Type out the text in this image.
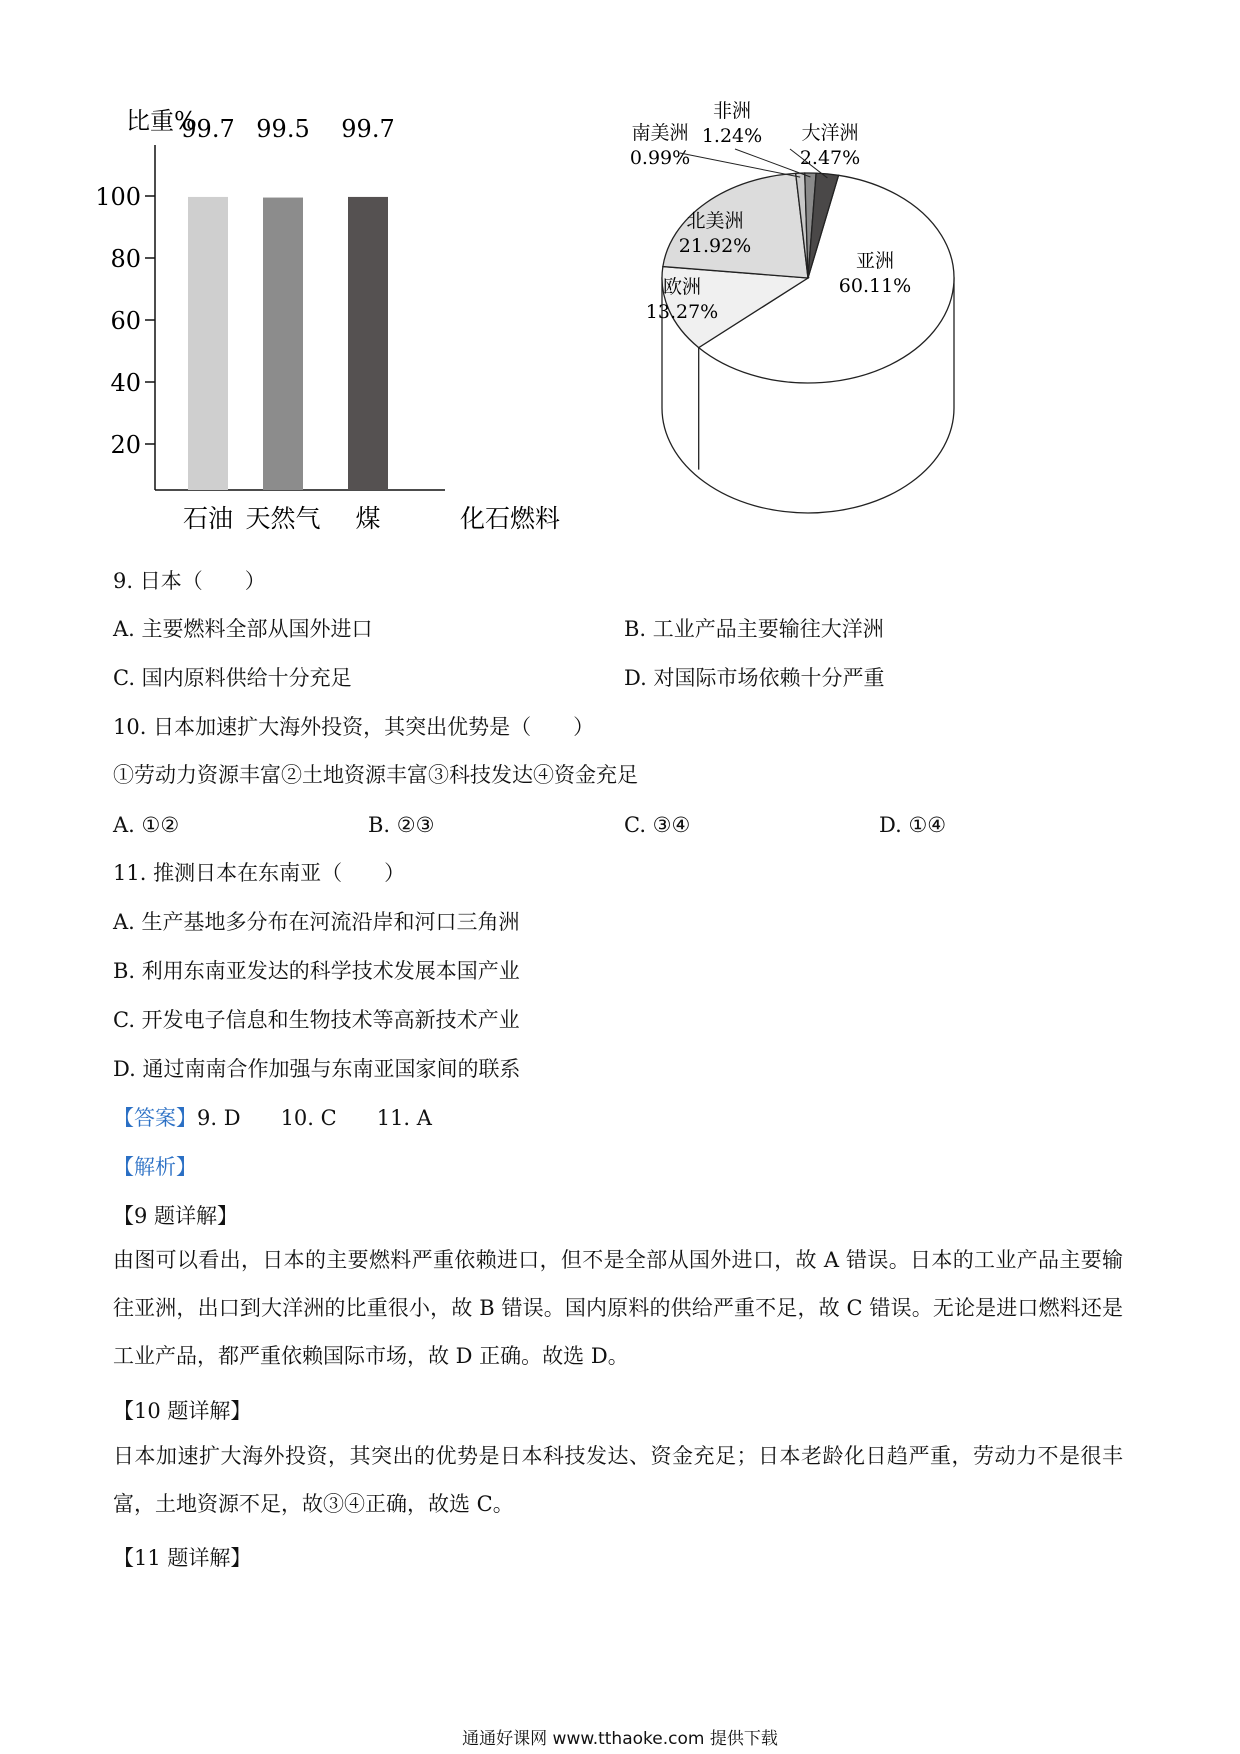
比重%
20
40
60
80
100
99.7 99.5 99.7
石油 天然气 煤	化石燃料
亚洲
60.11%
欧洲
13.27%
北美洲
21.92%
南美洲
0.99%
非洲
1.24% 大洋洲
2.47%
9. 日本（　　）
A. 主要燃料全部从国外进口	B. 工业产品主要输往大洋洲
C. 国内原料供给十分充足	D. 对国际市场依赖十分严重
10. 日本加速扩大海外投资，其突出优势是（　　）
①劳动力资源丰富②土地资源丰富③科技发达④资金充足
A. ①②	B. ②③	C. ③④	D. ①④
11. 推测日本在东南亚（　　）
A. 生产基地多分布在河流沿岸和河口三角洲
B. 利用东南亚发达的科学技术发展本国产业
C. 开发电子信息和生物技术等高新技术产业
D. 通过南南合作加强与东南亚国家间的联系
【答案】9. D 10. C 11. A
【解析】
【9 题详解】
由图可以看出，日本的主要燃料严重依赖进口，但不是全部从国外进口，故 A 错误。日本的工业产品主要输往亚洲，出口到大洋洲的比重很小，故 B 错误。国内原料的供给严重不足，故 C 错误。无论是进口燃料还是工业产品，都严重依赖国际市场，故 D 正确。故选 D。
【10 题详解】
日本加速扩大海外投资，其突出的优势是日本科技发达、资金充足；日本老龄化日趋严重，劳动力不是很丰富，土地资源不足，故③④正确，故选 C。
【11 题详解】
通通好课网 www.tthaoke.com 提供下载
